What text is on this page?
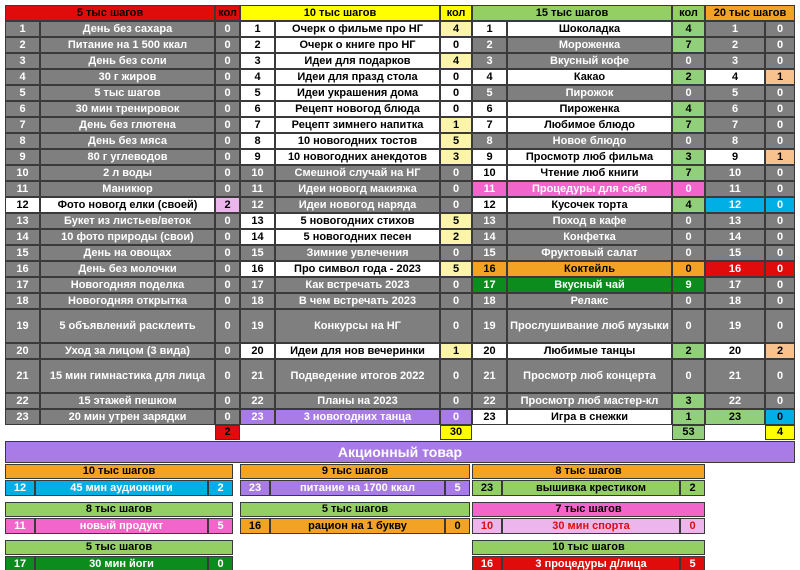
5 тыс шагов	кол	10 тыс шагов	кол	15 тыс шагов	кол	20 тыс шагов
1	День без сахара	0	1	Очерк о фильме про НГ	4	1	Шоколадка	4	1	0
2	Питание на 1 500 ккал	0	2	Очерк о книге про НГ	0	2	Мороженка	7	2	0
3	День без соли	0	3	Идеи для подарков	4	3	Вкусный кофе	0	3	0
4	30 г жиров	0	4	Идеи для празд стола	0	4	Какао	2	4	1
5	5 тыс шагов	0	5	Идеи украшения дома	0	5	Пирожок	0	5	0
6	30 мин тренировок	0	6	Рецепт новогод блюда	0	6	Пироженка	4	6	0
7	День без глютена	0	7	Рецепт зимнего напитка	1	7	Любимое блюдо	7	7	0
8	День без мяса	0	8	10 новогодних тостов	5	8	Новое блюдо	0	8	0
9	80 г углеводов	0	9	10 новогодних анекдотов	3	9	Просмотр люб фильма	3	9	1
10	2 л воды	0	10	Смешной случай на НГ	0	10	Чтение люб книги	7	10	0
11	Маникюр	0	11	Идеи новогд макияжа	0	11	Процедуры для себя	0	11	0
12	Фото новогд елки (своей)	2	12	Идеи новогод наряда	0	12	Кусочек торта	4	12	0
13	Букет из листьев/веток	0	13	5 новогодних стихов	5	13	Поход в кафе	0	13	0
14	10 фото природы (свои)	0	14	5 новогодних песен	2	14	Конфетка	0	14	0
15	День на овощах	0	15	Зимние увлечения	0	15	Фруктовый салат	0	15	0
16	День без молочки	0	16	Про символ года - 2023	5	16	Коктейль	0	16	0
17	Новогодняя поделка	0	17	Как встречать 2023	0	17	Вкусный чай	9	17	0
18	Новогодняя открытка	0	18	В чем встречать 2023	0	18	Релакс	0	18	0
19	5 объявлений расклеить	0	19	Конкурсы на НГ	0	19	Прослушивание люб музыки	0	19	0
20	Уход за лицом (3 вида)	0	20	Идеи для нов вечеринки	1	20	Любимые танцы	2	20	2
21	15 мин гимнастика для лица	0	21	Подведение итогов 2022	0	21	Просмотр люб концерта	0	21	0
22	15 этажей пешком	0	22	Планы на 2023	0	22	Просмотр люб мастер-кл	3	22	0
23	20 мин утрен зарядки	0	23	3 новогодних танца	0	23	Игра в снежки	1	23	0
2	30	53	4
Акционный товар
10 тыс шагов
12	45 мин аудиокниги	2
9 тыс шагов
23	питание на 1700 ккал	5
8 тыс шагов
23	вышивка крестиком	2
8 тыс шагов
11	новый продукт	5
5 тыс шагов
16	рацион на 1 букву	0
7 тыс шагов
10	30 мин спорта	0
5 тыс шагов
17	30 мин йоги	0
10 тыс шагов
16	3 процедуры д/лица	5
